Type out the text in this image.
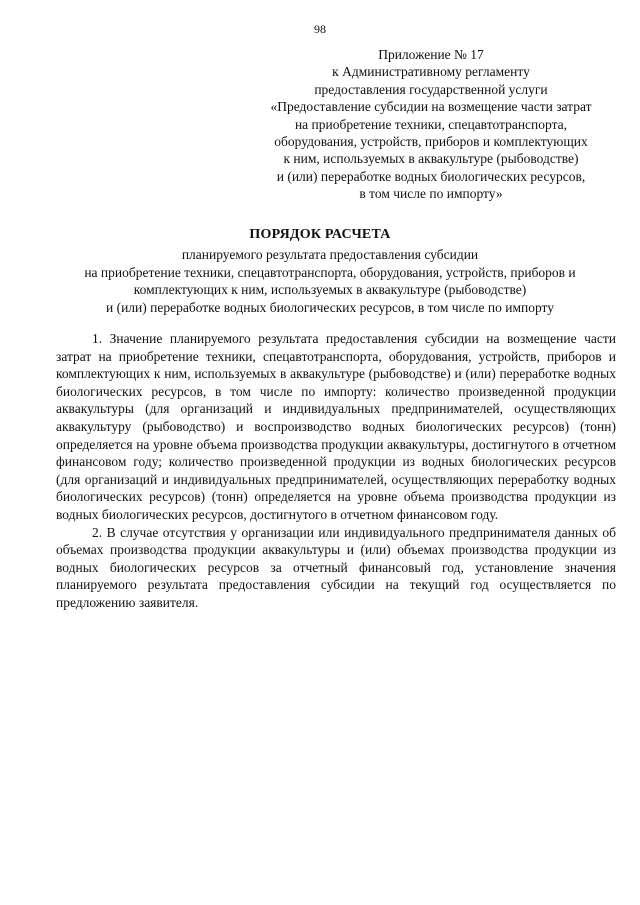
98
Приложение № 17
к Административному регламенту
предоставления государственной услуги
«Предоставление субсидии на возмещение части затрат
на приобретение техники, спецавтотранспорта,
оборудования, устройств, приборов и комплектующих
к ним, используемых в аквакультуре (рыбоводстве)
и (или) переработке водных биологических ресурсов,
в том числе по импорту»
ПОРЯДОК РАСЧЕТА
планируемого результата предоставления субсидии
на приобретение техники, спецавтотранспорта, оборудования, устройств, приборов и
комплектующих к ним, используемых в аквакультуре (рыбоводстве)
и (или) переработке водных биологических ресурсов, в том числе по импорту

1. Значение планируемого результата предоставления субсидии на возмещение части затрат на приобретение техники, спецавтотранспорта, оборудования, устройств, приборов и комплектующих к ним, используемых в аквакультуре (рыбоводстве) и (или) переработке водных биологических ресурсов, в том числе по импорту: количество произведенной продукции аквакультуры (для организаций и индивидуальных предпринимателей, осуществляющих аквакультуру (рыбоводство) и воспроизводство водных биологических ресурсов) (тонн) определяется на уровне объема производства продукции аквакультуры, достигнутого в отчетном финансовом году; количество произведенной продукции из водных биологических ресурсов (для организаций и индивидуальных предпринимателей, осуществляющих переработку водных биологических ресурсов) (тонн) определяется на уровне объема производства продукции из водных биологических ресурсов, достигнутого в отчетном финансовом году.

2. В случае отсутствия у организации или индивидуального предпринимателя данных об объемах производства продукции аквакультуры и (или) объемах производства продукции из водных биологических ресурсов за отчетный финансовый год, установление значения планируемого результата предоставления субсидии на текущий год осуществляется по предложению заявителя.
